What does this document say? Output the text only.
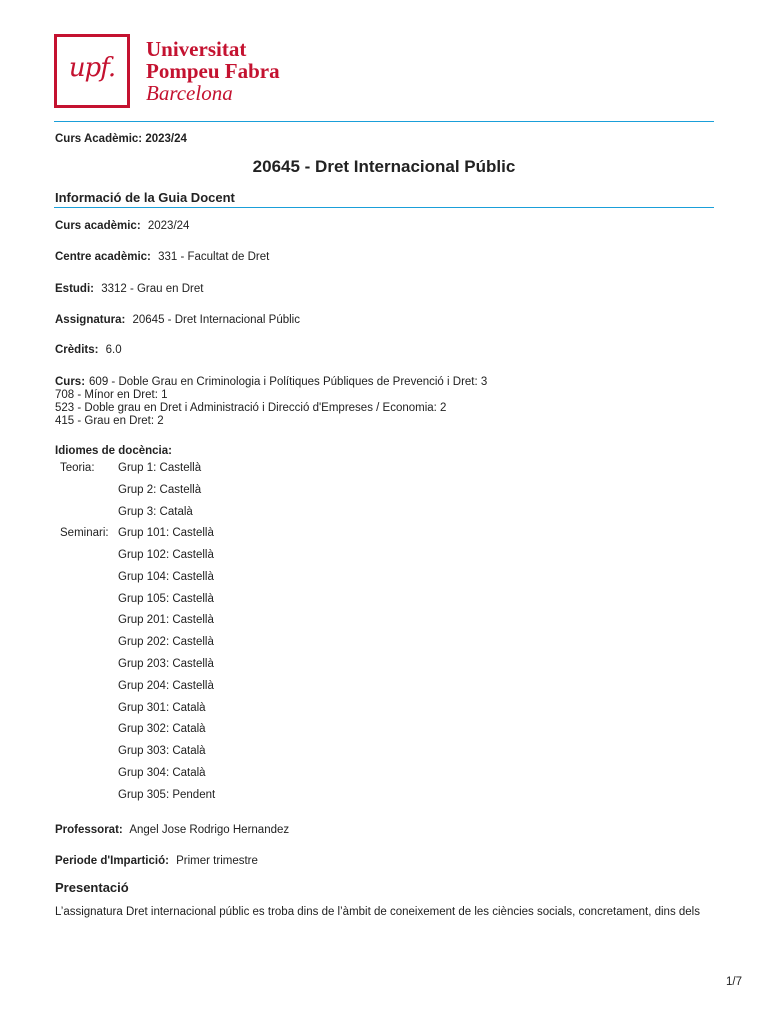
upf.
Universitat
Pompeu Fabra
Barcelona
Curs Acadèmic: 2023/24
20645 - Dret Internacional Públic
Informació de la Guia Docent
Curs acadèmic: 2023/24
Centre acadèmic: 331 - Facultat de Dret
Estudi: 3312 - Grau en Dret
Assignatura: 20645 - Dret Internacional Públic
Crèdits: 6.0
Curs: 609 - Doble Grau en Criminologia i Polítiques Públiques de Prevenció i Dret: 3
708 - Mínor en Dret: 1
523 - Doble grau en Dret i Administració i Direcció d'Empreses / Economia: 2
415 - Grau en Dret: 2
Idiomes de docència:
Teoria: Grup 1: Castellà
Grup 2: Castellà
Grup 3: Català
Seminari: Grup 101: Castellà
Grup 102: Castellà
Grup 104: Castellà
Grup 105: Castellà
Grup 201: Castellà
Grup 202: Castellà
Grup 203: Castellà
Grup 204: Castellà
Grup 301: Català
Grup 302: Català
Grup 303: Català
Grup 304: Català
Grup 305: Pendent
Professorat: Angel Jose Rodrigo Hernandez
Periode d'Impartició: Primer trimestre
Presentació
L’assignatura Dret internacional públic es troba dins de l’àmbit de coneixement de les ciències socials, concretament, dins dels
1/7
